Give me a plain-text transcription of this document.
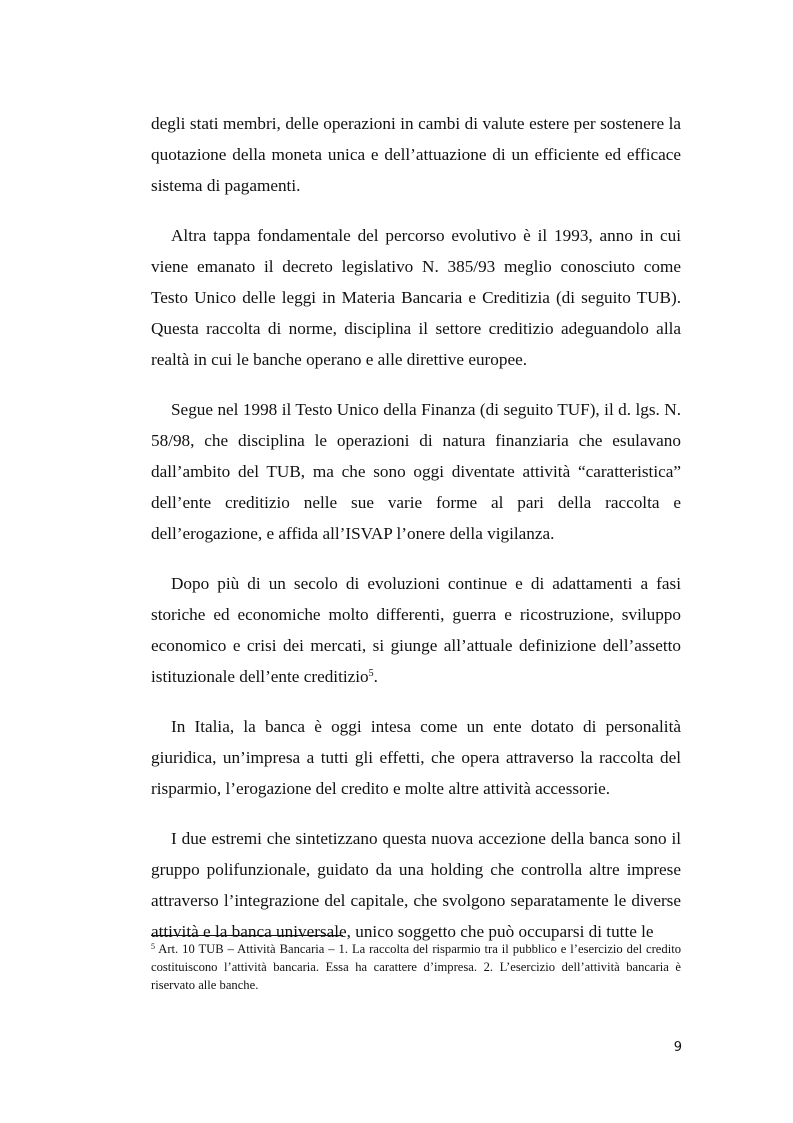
degli stati membri, delle operazioni in cambi di valute estere per sostenere la quotazione della moneta unica e dell’attuazione di un efficiente ed efficace sistema di pagamenti.

Altra tappa fondamentale del percorso evolutivo è il 1993, anno in cui viene emanato il decreto legislativo N. 385/93 meglio conosciuto come Testo Unico delle leggi in Materia Bancaria e Creditizia (di seguito TUB). Questa raccolta di norme, disciplina il settore creditizio adeguandolo alla realtà in cui le banche operano e alle direttive europee.

Segue nel 1998 il Testo Unico della Finanza (di seguito TUF), il d. lgs. N. 58/98, che disciplina le operazioni di natura finanziaria che esulavano dall’ambito del TUB, ma che sono oggi diventate attività “caratteristica” dell’ente creditizio nelle sue varie forme al pari della raccolta e dell’erogazione, e affida all’ISVAP l’onere della vigilanza.

Dopo più di un secolo di evoluzioni continue e di adattamenti a fasi storiche ed economiche molto differenti, guerra e ricostruzione, sviluppo economico e crisi dei mercati, si giunge all’attuale definizione dell’assetto istituzionale dell’ente creditizio$^5$.

In Italia, la banca è oggi intesa come un ente dotato di personalità giuridica, un’impresa a tutti gli effetti, che opera attraverso la raccolta del risparmio, l’erogazione del credito e molte altre attività accessorie.

I due estremi che sintetizzano questa nuova accezione della banca sono il gruppo polifunzionale, guidato da una holding che controlla altre imprese attraverso l’integrazione del capitale, che svolgono separatamente le diverse attività e la banca universale, unico soggetto che può occuparsi di tutte le

$^5$ Art. 10 TUB – Attività Bancaria – 1. La raccolta del risparmio tra il pubblico e l’esercizio del credito costituiscono l’attività bancaria. Essa ha carattere d’impresa. 2. L’esercizio dell’attività bancaria è riservato alle banche.

9
